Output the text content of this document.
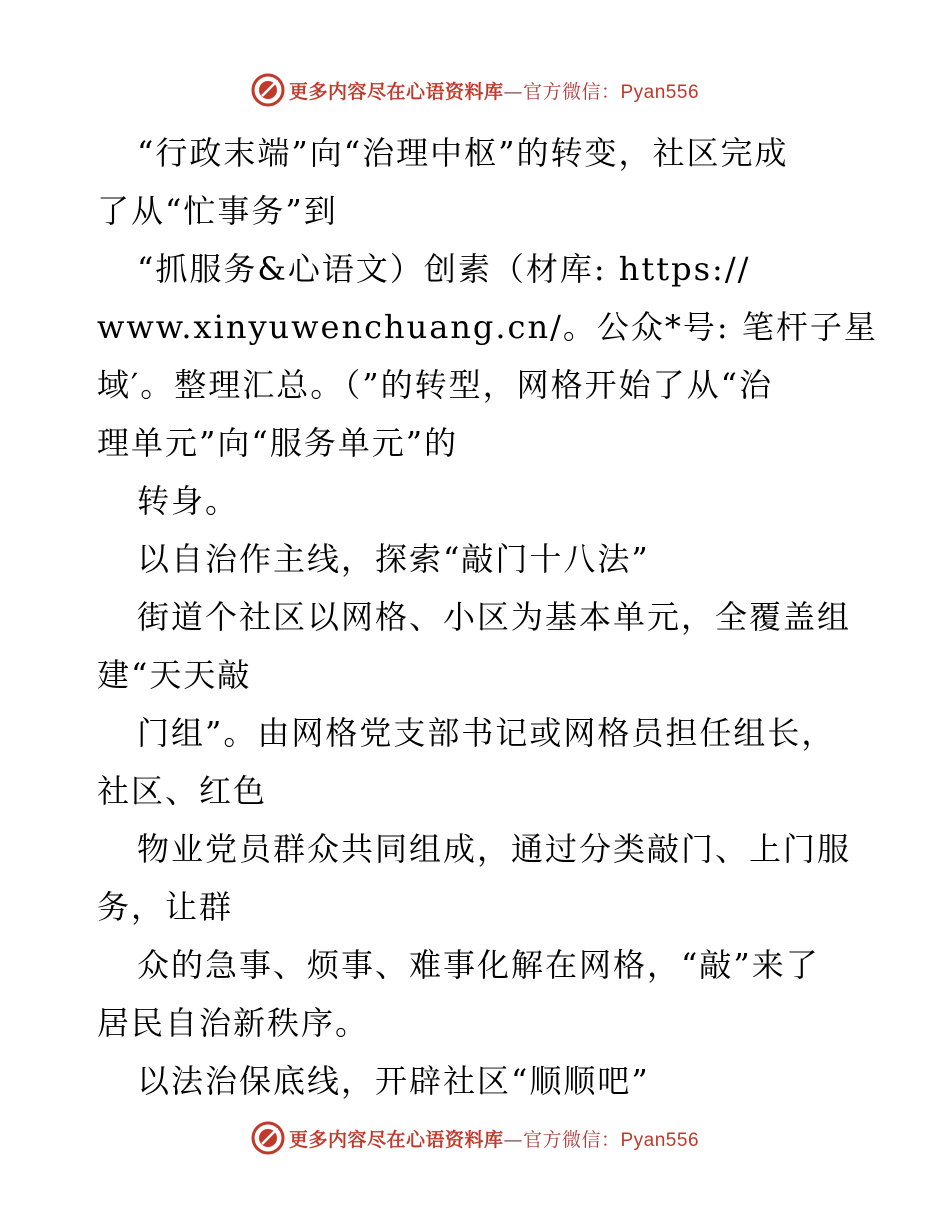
更多内容尽在心语资料库—官方微信：Pyan556
“行政末端”向“治理中枢”的转变，社区完成
了从“忙事务”到
“抓服务&心语文）创素（材库: https://
www.xinyuwenchuang.cn/。公众*号: 笔杆子星
域′。整理汇总。（”的转型，网格开始了从“治
理单元”向“服务单元”的
转身。
以自治作主线，探索“敲门十八法”
街道个社区以网格、小区为基本单元，全覆盖组
建“天天敲
门组”。由网格党支部书记或网格员担任组长，
社区、红色
物业党员群众共同组成，通过分类敲门、上门服
务，让群
众的急事、烦事、难事化解在网格，“敲”来了
居民自治新秩序。
以法治保底线，开辟社区“顺顺吧”
更多内容尽在心语资料库—官方微信：Pyan556
